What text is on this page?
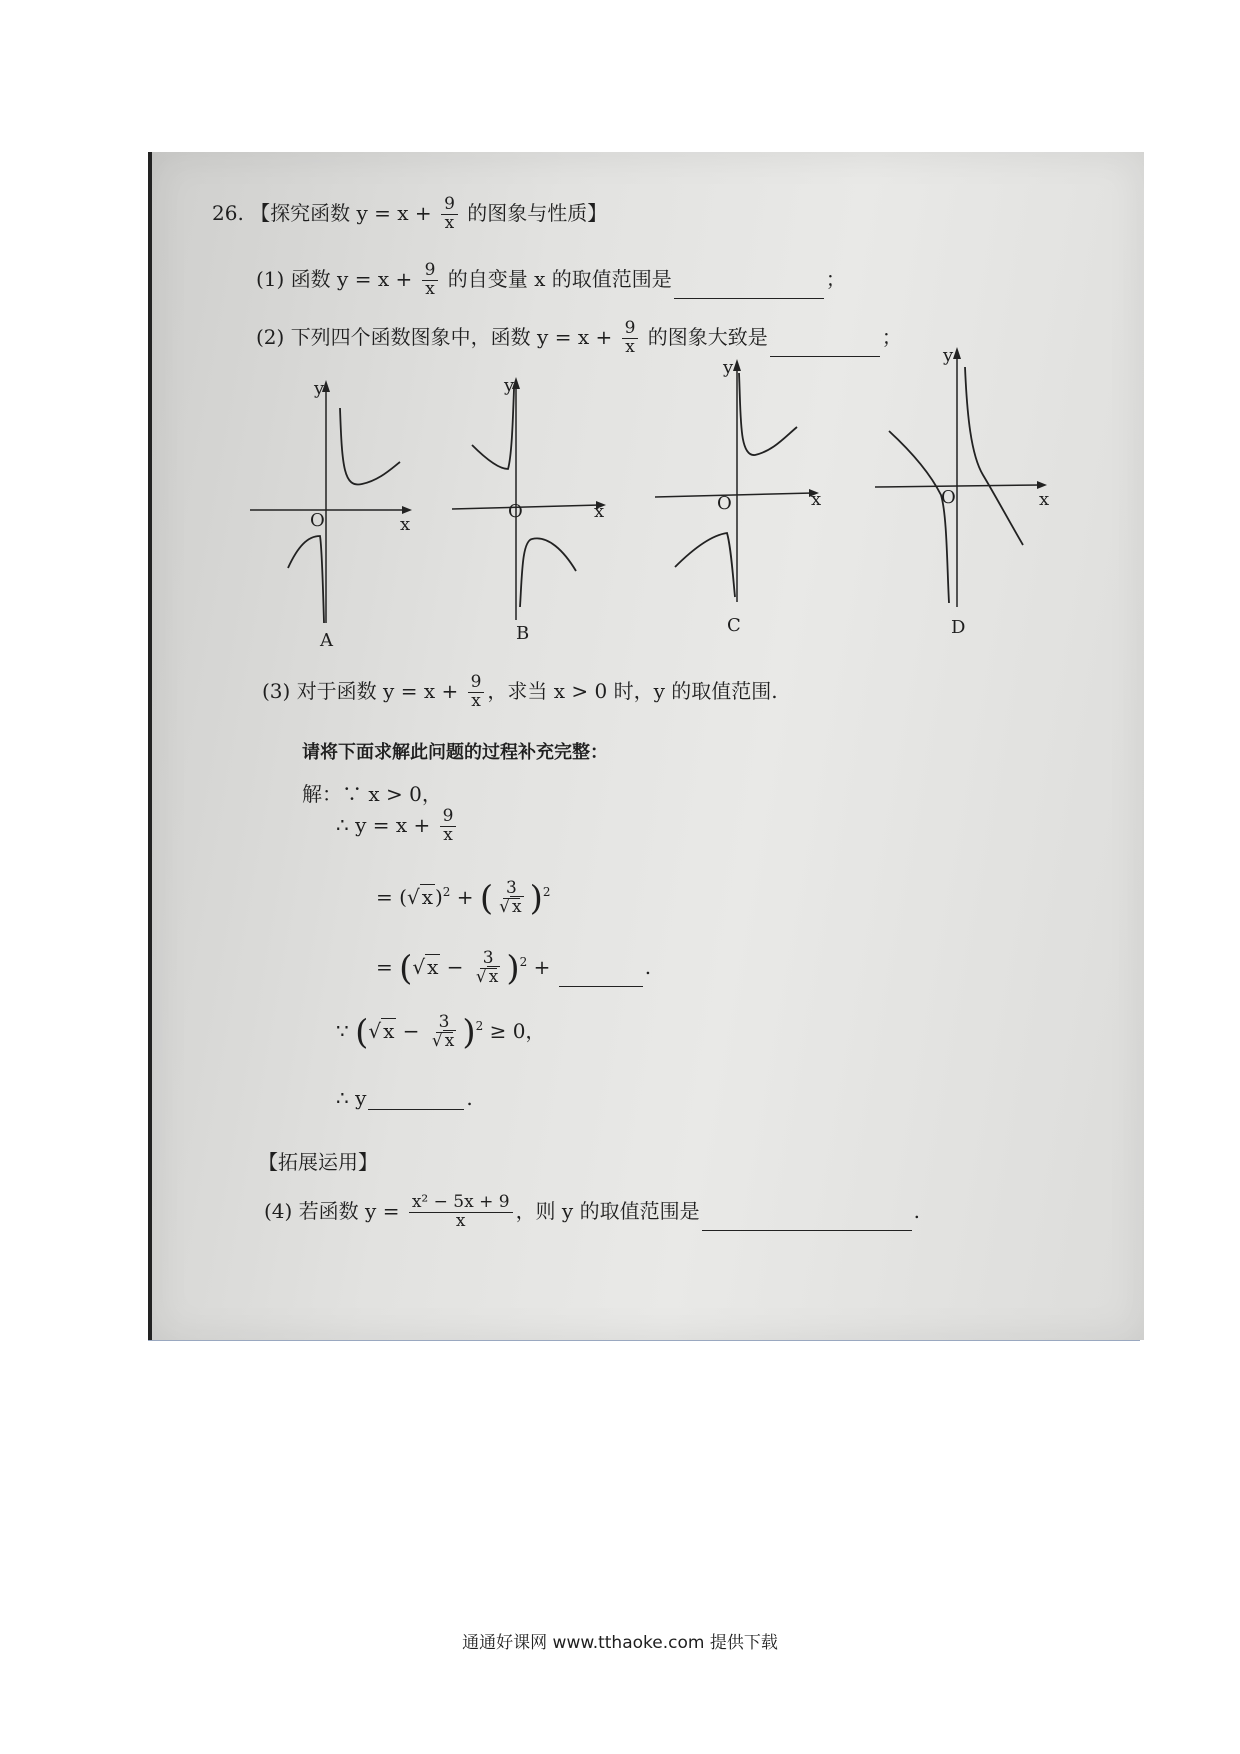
26. 【探究函数 $y = x + \frac{9}{x}$ 的图象与性质】
(1) 函数 $y = x + \frac{9}{x}$ 的自变量 x 的取值范围是	；
(2) 下列四个函数图象中，函数 $y = x + \frac{9}{x}$ 的图象大致是	；
y
x
O
A
y
x
O
B
y
x
O
C
y
x
O
D
(3) 对于函数 $y = x + \frac{9}{x}$ ，求当 x > 0 时，y 的取值范围.
请将下面求解此问题的过程补充完整：
解：∵ x > 0，
∴ $y = x + \frac{9}{x}$
= (√ x )$^2$ + ( $\frac{3}{√ x} )^2$
= (√ $x - \frac{3}{√ x} )^2$ +	.
∵ (√ $x - \frac{3}{√ x} )^2 \ge 0$，
∴ y	.
【拓展运用】
(4) 若函数 $y = \frac{\text{x² − 5x + 9}}{x}$ ，则 y 的取值范围是	.
通通好课网 www.tthaoke.com 提供下载
